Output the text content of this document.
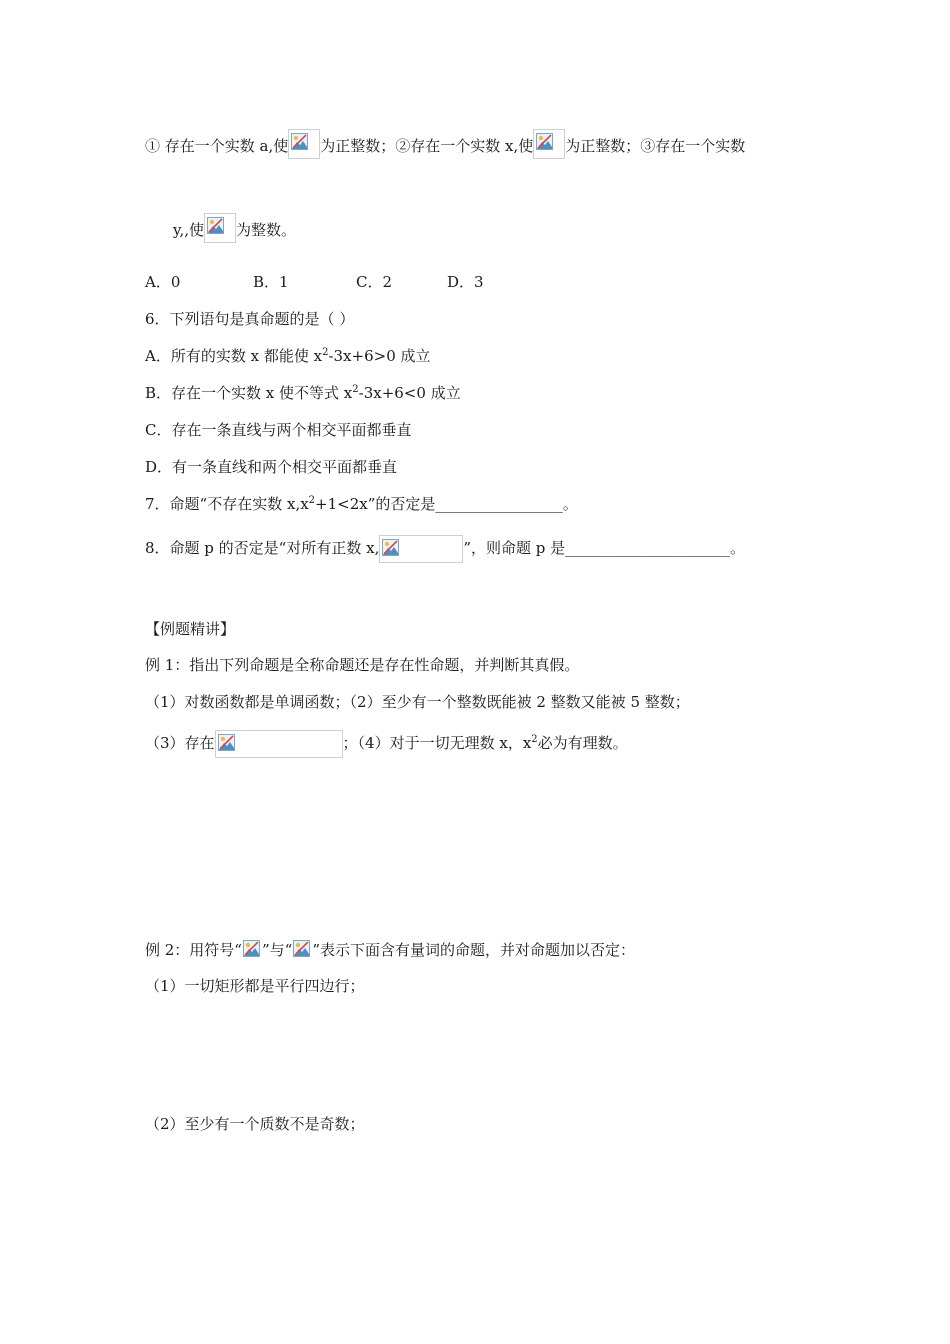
① 存在一个实数 a,使 为正整数；②存在一个实数 x,使 为正整数；③存在一个实数
y,,使 为整数。
A．0	B．1	C．2	D．3
6．下列语句是真命题的是（ ）
A．所有的实数 x 都能使 $x^2-3x+6>0$ 成立
B．存在一个实数 x 使不等式 $x^2-3x+6<0$ 成立
C．存在一条直线与两个相交平面都垂直
D．有一条直线和两个相交平面都垂直
7．命题“不存在实数 $x,x^2+1<2x$”的否定是_________________。
8．命题 p 的否定是“对所有正数 x,	”，则命题 p 是______________________。
【例题精讲】
例 1：指出下列命题是全称命题还是存在性命题，并判断其真假。
（1）对数函数都是单调函数；（2）至少有一个整数既能被 2 整数又能被 5 整数；
（3）存在	；（4）对于一切无理数 x，$x^2$必为有理数。
例 2：用符号“ ”与“ ”表示下面含有量词的命题，并对命题加以否定：
（1）一切矩形都是平行四边行；
（2）至少有一个质数不是奇数；
